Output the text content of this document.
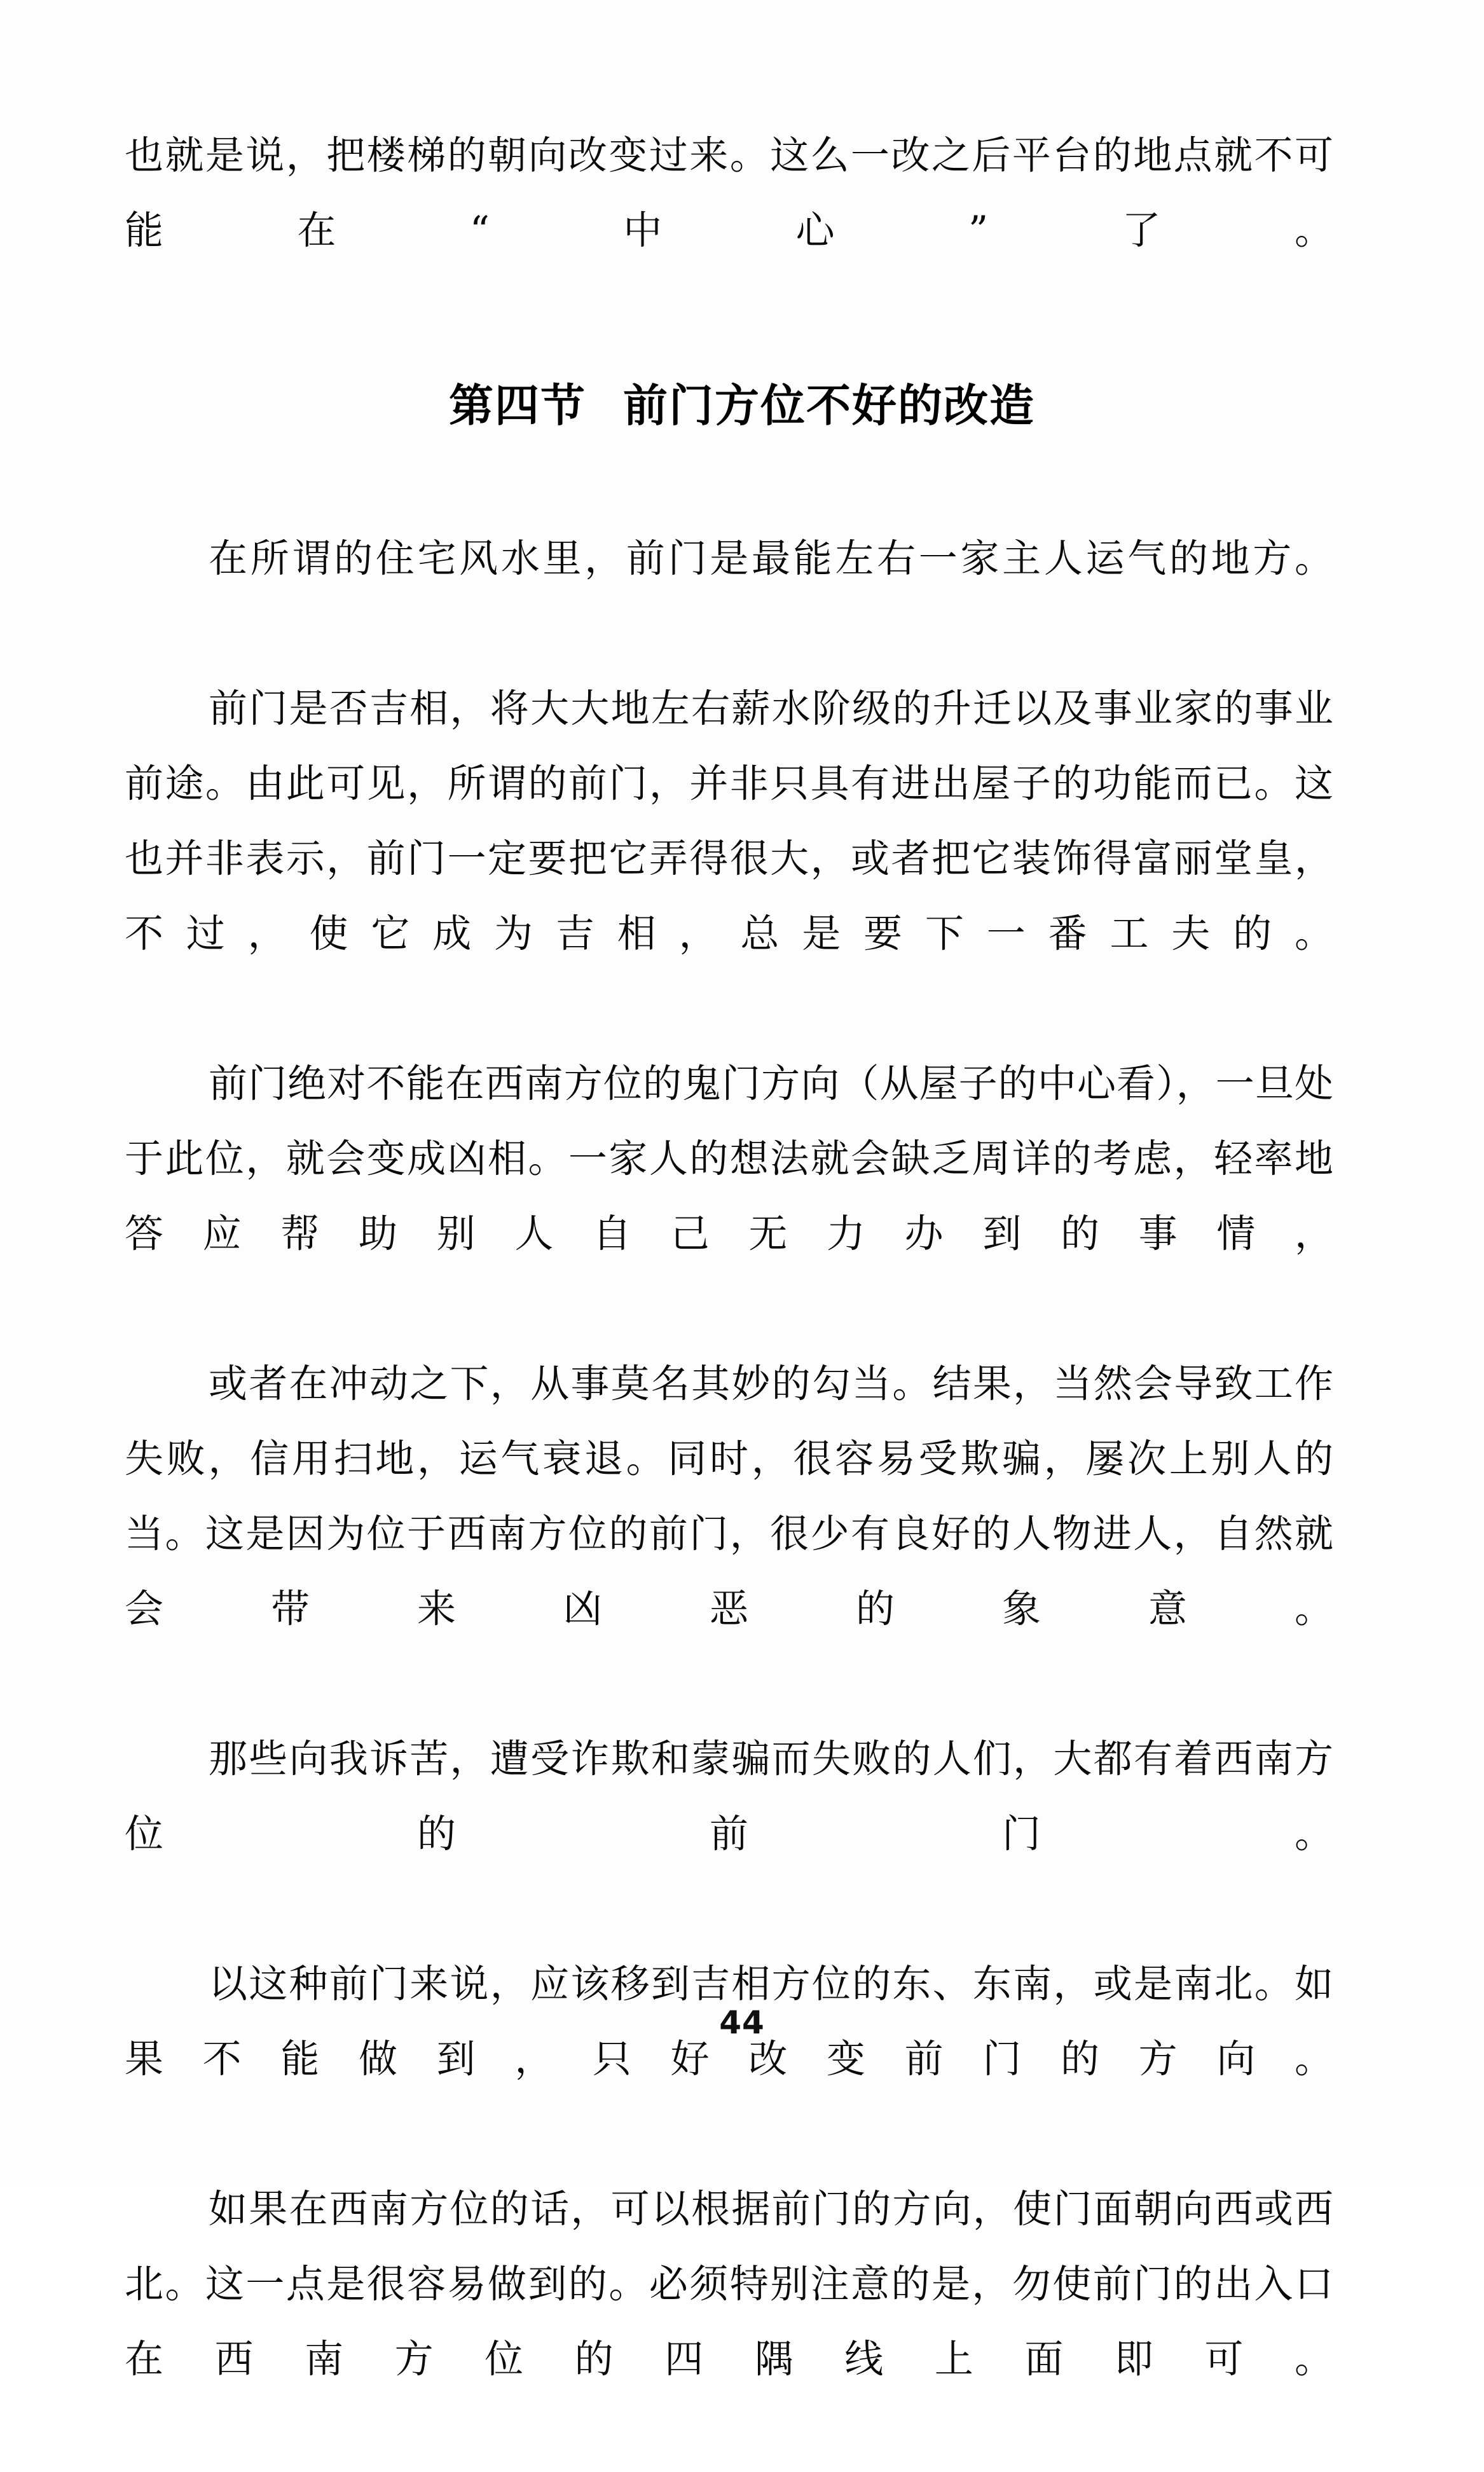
也就是说，把楼梯的朝向改变过来。这么一改之后平台的地点就不可能在“中心”了。

第四节 前门方位不好的改造

在所谓的住宅风水里，前门是最能左右一家主人运气的地方。

前门是否吉相，将大大地左右薪水阶级的升迁以及事业家的事业前途。由此可见，所谓的前门，并非只具有进出屋子的功能而已。这也并非表示，前门一定要把它弄得很大，或者把它装饰得富丽堂皇，不过，使它成为吉相，总是要下一番工夫的。

前门绝对不能在西南方位的鬼门方向（从屋子的中心看），一旦处于此位，就会变成凶相。一家人的想法就会缺乏周详的考虑，轻率地答应帮助别人自己无力办到的事情，

或者在冲动之下，从事莫名其妙的勾当。结果，当然会导致工作失败，信用扫地，运气衰退。同时，很容易受欺骗，屡次上别人的当。这是因为位于西南方位的前门，很少有良好的人物进人，自然就会带来凶恶的象意。

那些向我诉苦，遭受诈欺和蒙骗而失败的人们，大都有着西南方位的前门。

以这种前门来说，应该移到吉相方位的东、东南，或是南北。如果不能做到，只好改变前门的方向。

如果在西南方位的话，可以根据前门的方向，使门面朝向西或西北。这一点是很容易做到的。必须特别注意的是，勿使前门的出入口在西南方位的四隅线上面即可。

44
